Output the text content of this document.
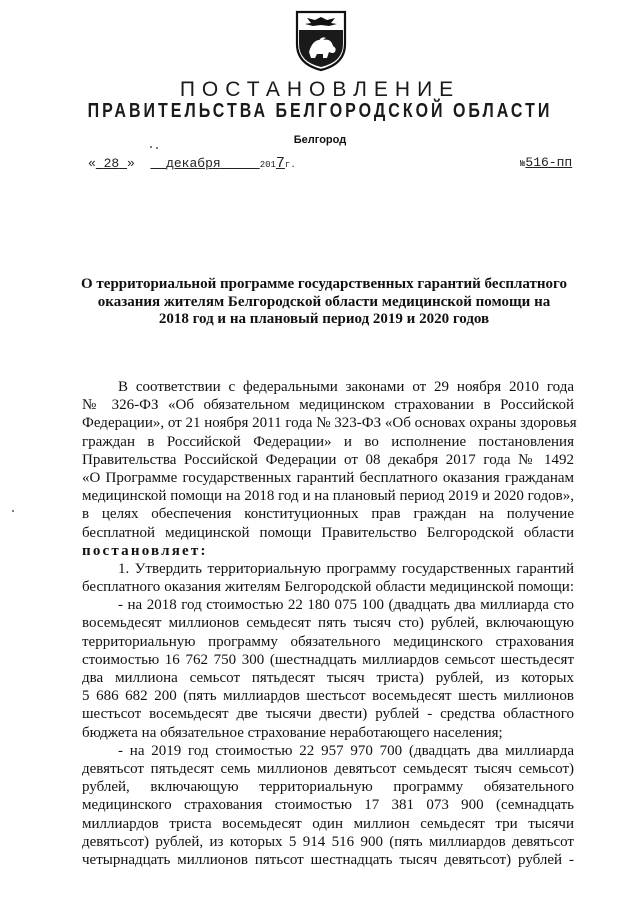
ПОСТАНОВЛЕНИЕ
ПРАВИТЕЛЬСТВА БЕЛГОРОДСКОЙ ОБЛАСТИ
Белгород
« 28 » декабря	2017г.	№516-пп
О территориальной программе государственных гарантий бесплатного
оказания жителям Белгородской области медицинской помощи на
2018 год и на плановый период 2019 и 2020 годов
В соответствии с федеральными законами от 29 ноября 2010 года
№ 326-ФЗ «Об обязательном медицинском страховании в Российской
Федерации», от 21 ноября 2011 года № 323-ФЗ «Об основах охраны здоровья
граждан в Российской Федерации» и во исполнение постановления
Правительства Российской Федерации от 08 декабря 2017 года № 1492
«О Программе государственных гарантий бесплатного оказания гражданам
медицинской помощи на 2018 год и на плановый период 2019 и 2020 годов»,
в целях обеспечения конституционных прав граждан на получение
бесплатной медицинской помощи Правительство Белгородской области
постановляет:
1. Утвердить территориальную программу государственных гарантий
бесплатного оказания жителям Белгородской области медицинской помощи:
- на 2018 год стоимостью 22 180 075 100 (двадцать два миллиарда сто
восемьдесят миллионов семьдесят пять тысяч сто) рублей, включающую
территориальную программу обязательного медицинского страхования
стоимостью 16 762 750 300 (шестнадцать миллиардов семьсот шестьдесят
два миллиона семьсот пятьдесят тысяч триста) рублей, из которых
5 686 682 200 (пять миллиардов шестьсот восемьдесят шесть миллионов
шестьсот восемьдесят две тысячи двести) рублей - средства областного
бюджета на обязательное страхование неработающего населения;
- на 2019 год стоимостью 22 957 970 700 (двадцать два миллиарда
девятьсот пятьдесят семь миллионов девятьсот семьдесят тысяч семьсот)
рублей, включающую территориальную программу обязательного
медицинского страхования стоимостью 17 381 073 900 (семнадцать
миллиардов триста восемьдесят один миллион семьдесят три тысячи
девятьсот) рублей, из которых 5 914 516 900 (пять миллиардов девятьсот
четырнадцать миллионов пятьсот шестнадцать тысяч девятьсот) рублей -
